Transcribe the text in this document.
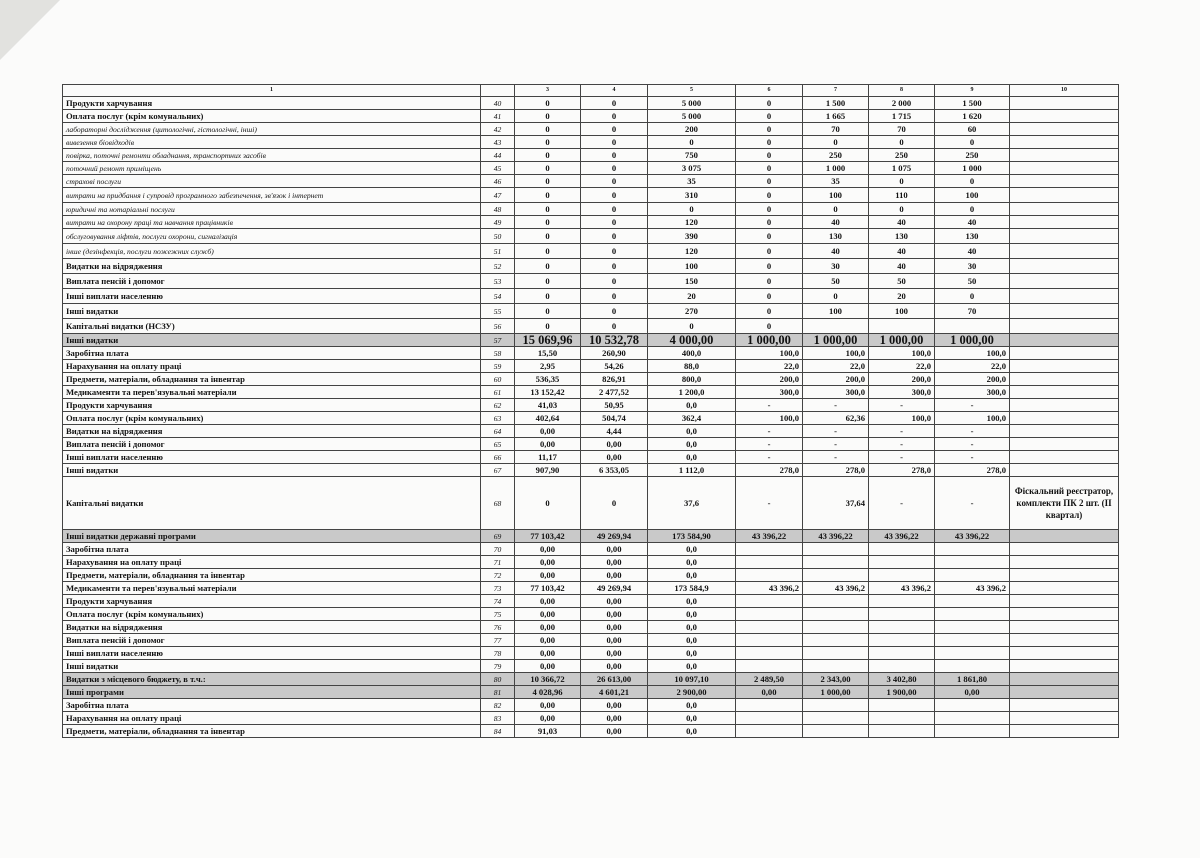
1		3	4	5	6	7	8	9	10
Продукти харчування	40	0	0	5 000	0	1 500	2 000	1 500	
Оплата послуг (крім комунальних)	41	0	0	5 000	0	1 665	1 715	1 620	
лабораторні дослідження (цитологічні, гістологічні, інші)	42	0	0	200	0	70	70	60	
вивезення біовідходів	43	0	0	0	0	0	0	0	
повірка, поточні ремонти обладнання, транспортних засобів	44	0	0	750	0	250	250	250	
поточний ремонт приміщень	45	0	0	3 075	0	1 000	1 075	1 000	
страхові послуги	46	0	0	35	0	35	0	0	
витрати на придбання і супровід програмного забезпечення, зв'язок і інтернет	47	0	0	310	0	100	110	100	
юридичні та нотаріальні послуги	48	0	0	0	0	0	0	0	
витрати на охорону праці та навчання працівників	49	0	0	120	0	40	40	40	
обслуговування ліфтів, послуги охорони, сигналізація	50	0	0	390	0	130	130	130	
інше (дезінфекція, послуги пожежних служб)	51	0	0	120	0	40	40	40	
Видатки на відрядження	52	0	0	100	0	30	40	30	
Виплата пенсій і допомог	53	0	0	150	0	50	50	50	
Інші виплати населенню	54	0	0	20	0	0	20	0	
Інші видатки	55	0	0	270	0	100	100	70	
Капітальні видатки (НСЗУ)	56	0	0	0	0				
Інші видатки	57	15 069,96	10 532,78	4 000,00	1 000,00	1 000,00	1 000,00	1 000,00	
Заробітна плата	58	15,50	260,90	400,0	100,0	100,0	100,0	100,0	
Нарахування на оплату праці	59	2,95	54,26	88,0	22,0	22,0	22,0	22,0	
Предмети, матеріали, обладнання та інвентар	60	536,35	826,91	800,0	200,0	200,0	200,0	200,0	
Медикаменти та перев'язувальні матеріали	61	13 152,42	2 477,52	1 200,0	300,0	300,0	300,0	300,0	
Продукти харчування	62	41,03	50,95	0,0	-	-	-	-	
Оплата послуг (крім комунальних)	63	402,64	504,74	362,4	100,0	62,36	100,0	100,0	
Видатки на відрядження	64	0,00	4,44	0,0	-	-	-	-	
Виплата пенсій і допомог	65	0,00	0,00	0,0	-	-	-	-	
Інші виплати населенню	66	11,17	0,00	0,0	-	-	-	-	
Інші видатки	67	907,90	6 353,05	1 112,0	278,0	278,0	278,0	278,0	
Капітальні видатки	68	0	0	37,6	-	37,64	-	-	Фіскальний реєстратор, комплекти ПК 2 шт. (ІІ квартал)
Інші видатки державні програми	69	77 103,42	49 269,94	173 584,90	43 396,22	43 396,22	43 396,22	43 396,22	
Заробітна плата	70	0,00	0,00	0,0					
Нарахування на оплату праці	71	0,00	0,00	0,0					
Предмети, матеріали, обладнання та інвентар	72	0,00	0,00	0,0					
Медикаменти та перев'язувальні матеріали	73	77 103,42	49 269,94	173 584,9	43 396,2	43 396,2	43 396,2	43 396,2	
Продукти харчування	74	0,00	0,00	0,0					
Оплата послуг (крім комунальних)	75	0,00	0,00	0,0					
Видатки на відрядження	76	0,00	0,00	0,0					
Виплата пенсій і допомог	77	0,00	0,00	0,0					
Інші виплати населенню	78	0,00	0,00	0,0					
Інші видатки	79	0,00	0,00	0,0					
Видатки з місцевого бюджету, в т.ч.:	80	10 366,72	26 613,00	10 097,10	2 489,50	2 343,00	3 402,80	1 861,80	
Інші програми	81	4 028,96	4 601,21	2 900,00	0,00	1 000,00	1 900,00	0,00	
Заробітна плата	82	0,00	0,00	0,0					
Нарахування на оплату праці	83	0,00	0,00	0,0					
Предмети, матеріали, обладнання та інвентар	84	91,03	0,00	0,0					
